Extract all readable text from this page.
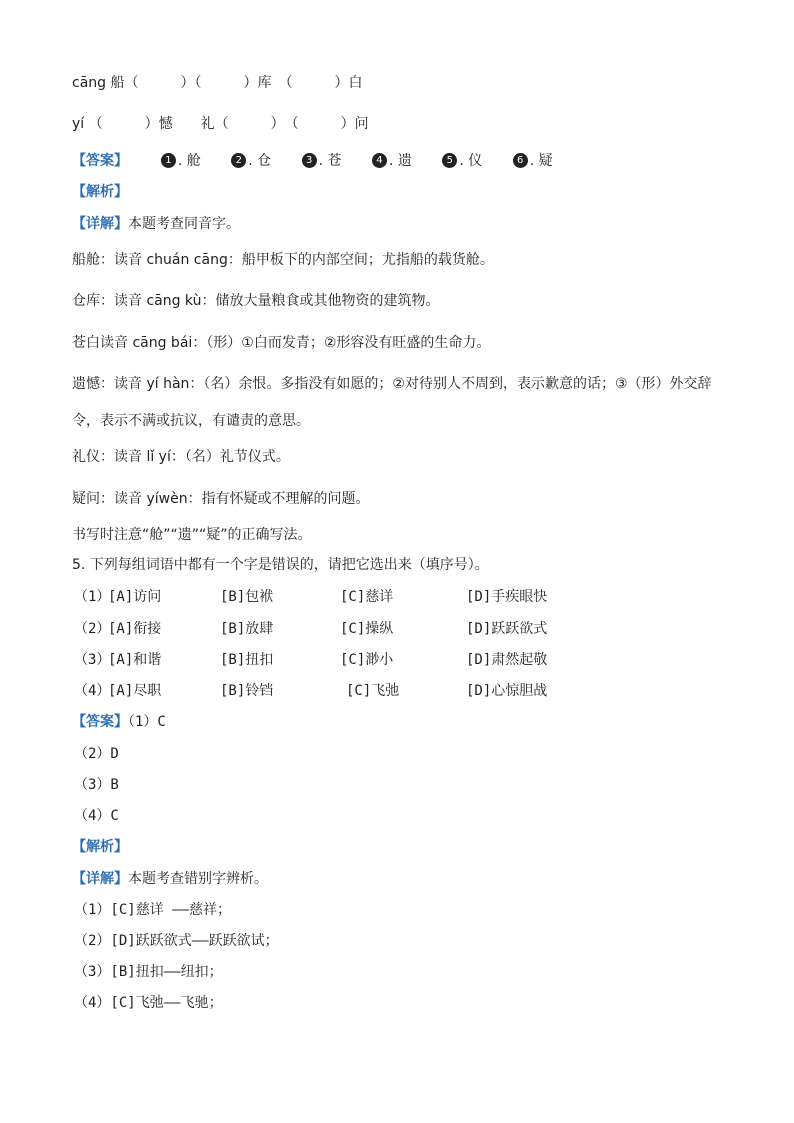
cāng 船（　　　）（　　　）库　（　　　）白
yí （　　　）憾　　礼（　　　）　（　　　）问
【答案】	1 . 舱	2 . 仓	3 . 苍	4 . 遗	5 . 仪	6 . 疑
【解析】
【详解】本题考查同音字。
船舱：读音 chuán cāng：船甲板下的内部空间；尤指船的载货舱。
仓库：读音 cāng kù：储放大量粮食或其他物资的建筑物。
苍白读音 cāng bái：（形）①白而发青；②形容没有旺盛的生命力。
遗憾：读音 yí hàn：（名）余恨。多指没有如愿的；②对待别人不周到，表示歉意的话；③（形）外交辞
令，表示不满或抗议，有谴责的意思。
礼仪：读音 lǐ yí：（名）礼节仪式。
疑问：读音 yíwèn：指有怀疑或不理解的问题。
书写时注意“舱”“遗”“疑”的正确写法。
5. 下列每组词语中都有一个字是错误的，请把它选出来（填序号）。
（1）
[A]访问	[B]包袱	[C]慈详	[D]手疾眼快
（2）
[A]衔接	[B]放肆	[C]操纵	[D]跃跃欲式
（3）
[A]和谐	[B]扭扣	[C]渺小	[D]肃然起敬
（4）
[A]尽职	[B]铃铛	[C]飞弛	[D]心惊胆战
【答案】（1）C
（2）D
（3）B
（4）C
【解析】
【详解】本题考查错别字辨析。
（1）[C]慈详 ——慈祥；
（2）[D]跃跃欲式——跃跃欲试；
（3）[B]扭扣——纽扣；
（4）[C]飞弛——飞驰；
